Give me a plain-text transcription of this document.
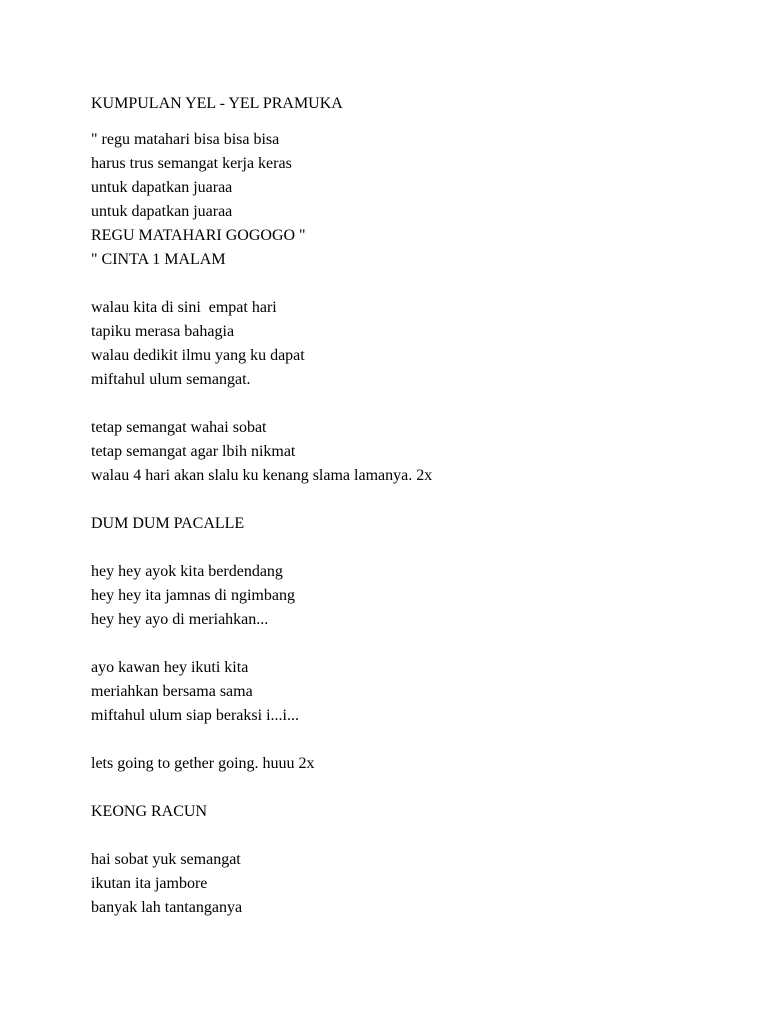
KUMPULAN YEL - YEL PRAMUKA
" regu matahari bisa bisa bisa
harus trus semangat kerja keras
untuk dapatkan juaraa
untuk dapatkan juaraa
REGU MATAHARI GOGOGO "
" CINTA 1 MALAM
walau kita di sini  empat hari
tapiku merasa bahagia
walau dedikit ilmu yang ku dapat
miftahul ulum semangat.
tetap semangat wahai sobat
tetap semangat agar lbih nikmat
walau 4 hari akan slalu ku kenang slama lamanya. 2x
DUM DUM PACALLE
hey hey ayok kita berdendang
hey hey ita jamnas di ngimbang
hey hey ayo di meriahkan...
ayo kawan hey ikuti kita
meriahkan bersama sama
miftahul ulum siap beraksi i...i...
lets going to gether going. huuu 2x
KEONG RACUN
hai sobat yuk semangat
ikutan ita jambore
banyak lah tantanganya
